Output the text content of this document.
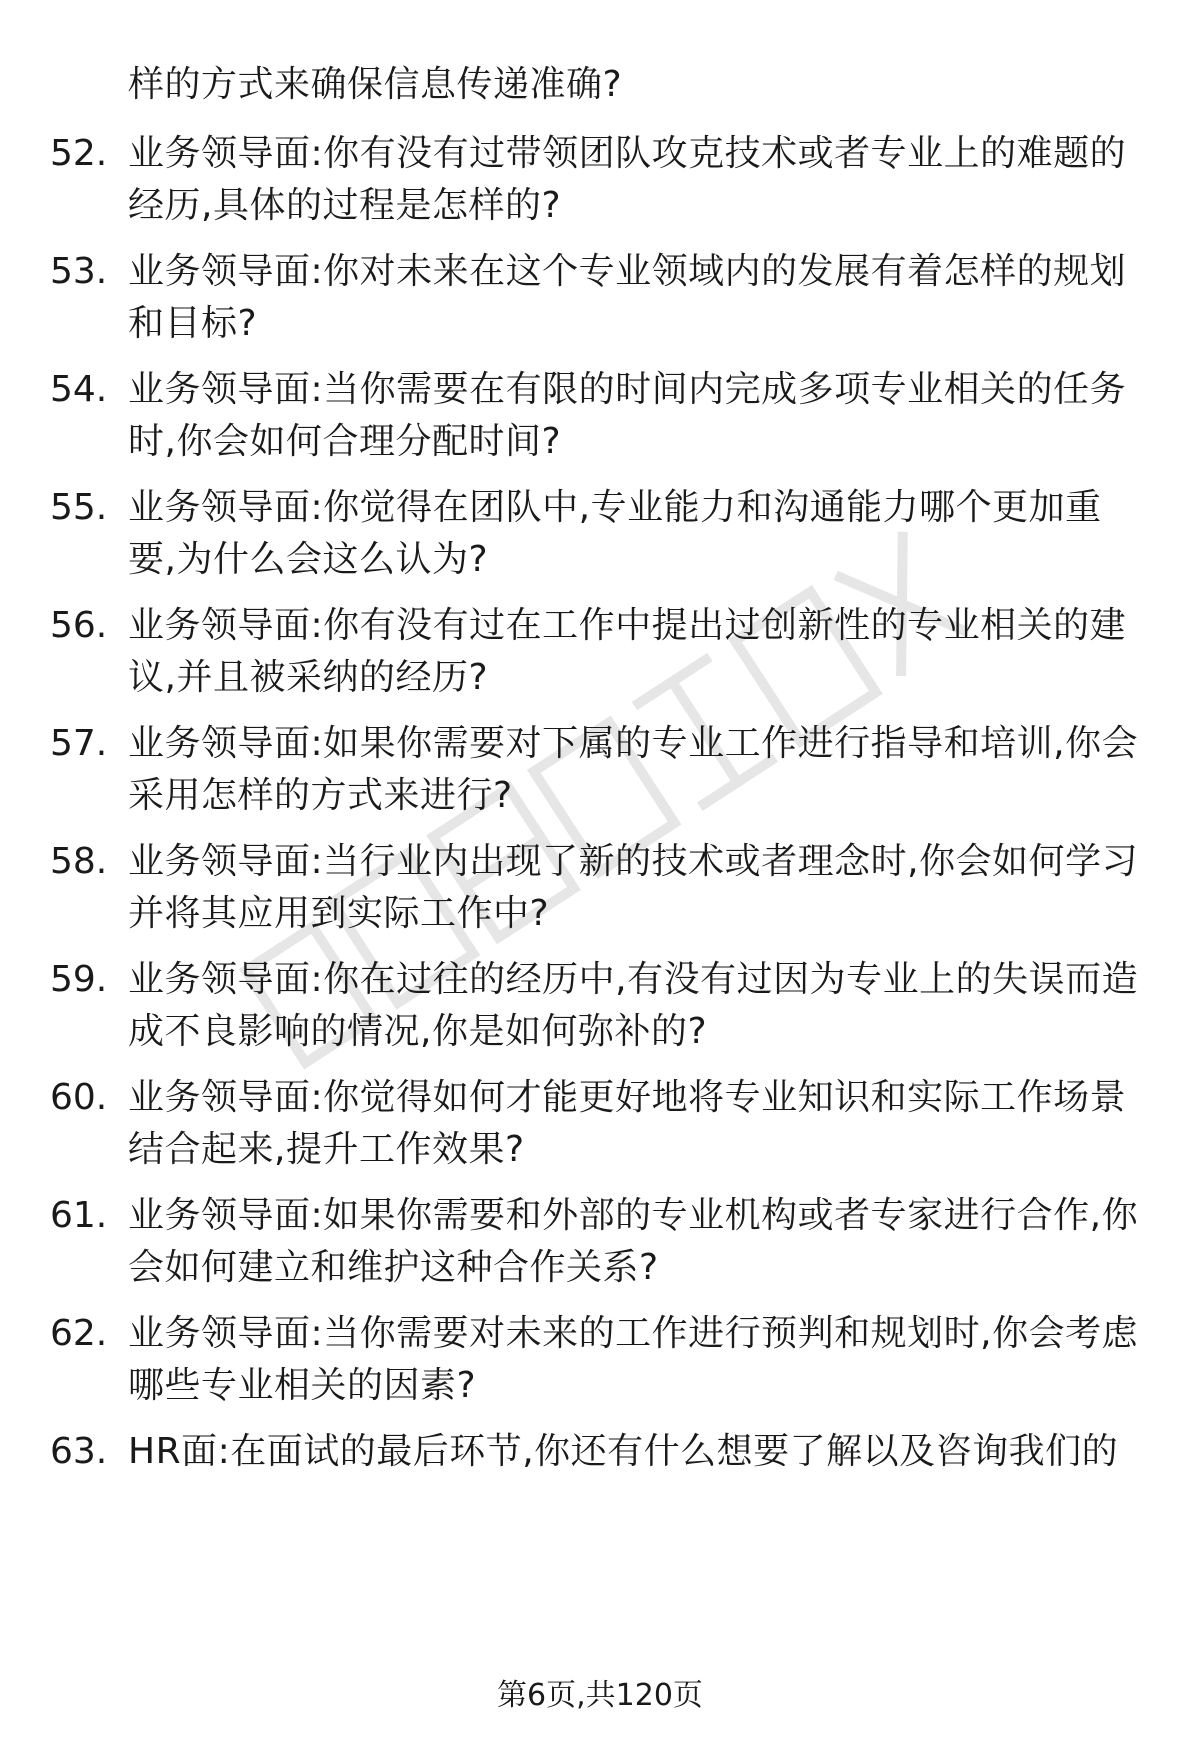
样的方式来确保信息传递准确?
52. 业务领导面:你有没有过带领团队攻克技术或者专业上的难题的经历,具体的过程是怎样的?
53. 业务领导面:你对未来在这个专业领域内的发展有着怎样的规划和目标?
54. 业务领导面:当你需要在有限的时间内完成多项专业相关的任务时,你会如何合理分配时间?
55. 业务领导面:你觉得在团队中,专业能力和沟通能力哪个更加重要,为什么会这么认为?
56. 业务领导面:你有没有过在工作中提出过创新性的专业相关的建议,并且被采纳的经历?
57. 业务领导面:如果你需要对下属的专业工作进行指导和培训,你会采用怎样的方式来进行?
58. 业务领导面:当行业内出现了新的技术或者理念时,你会如何学习并将其应用到实际工作中?
59. 业务领导面:你在过往的经历中,有没有过因为专业上的失误而造成不良影响的情况,你是如何弥补的?
60. 业务领导面:你觉得如何才能更好地将专业知识和实际工作场景结合起来,提升工作效果?
61. 业务领导面:如果你需要和外部的专业机构或者专家进行合作,你会如何建立和维护这种合作关系?
62. 业务领导面:当你需要对未来的工作进行预判和规划时,你会考虑哪些专业相关的因素?
63. HR面:在面试的最后环节,你还有什么想要了解以及咨询我们的
第6页,共120页
